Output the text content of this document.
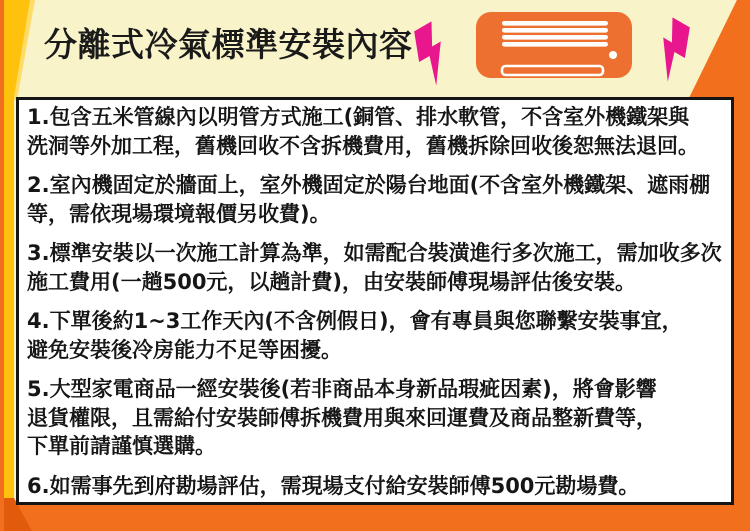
分離式冷氣標準安裝內容
1.包含五米管線內以明管方式施工(銅管、排水軟管，不含室外機鐵架與
洗洞等外加工程，舊機回收不含拆機費用，舊機拆除回收後恕無法退回。
2.室內機固定於牆面上，室外機固定於陽台地面(不含室外機鐵架、遮雨棚
等，需依現場環境報價另收費)。
3.標準安裝以一次施工計算為準，如需配合裝潢進行多次施工，需加收多次
施工費用(一趟500元，以趟計費)，由安裝師傅現場評估後安裝。
4.下單後約1~3工作天內(不含例假日)，會有專員與您聯繫安裝事宜，
避免安裝後冷房能力不足等困擾。
5.大型家電商品一經安裝後(若非商品本身新品瑕疵因素)，將會影響
退貨權限，且需給付安裝師傅拆機費用與來回運費及商品整新費等，
下單前請謹慎選購。
6.如需事先到府勘場評估，需現場支付給安裝師傅500元勘場費。
